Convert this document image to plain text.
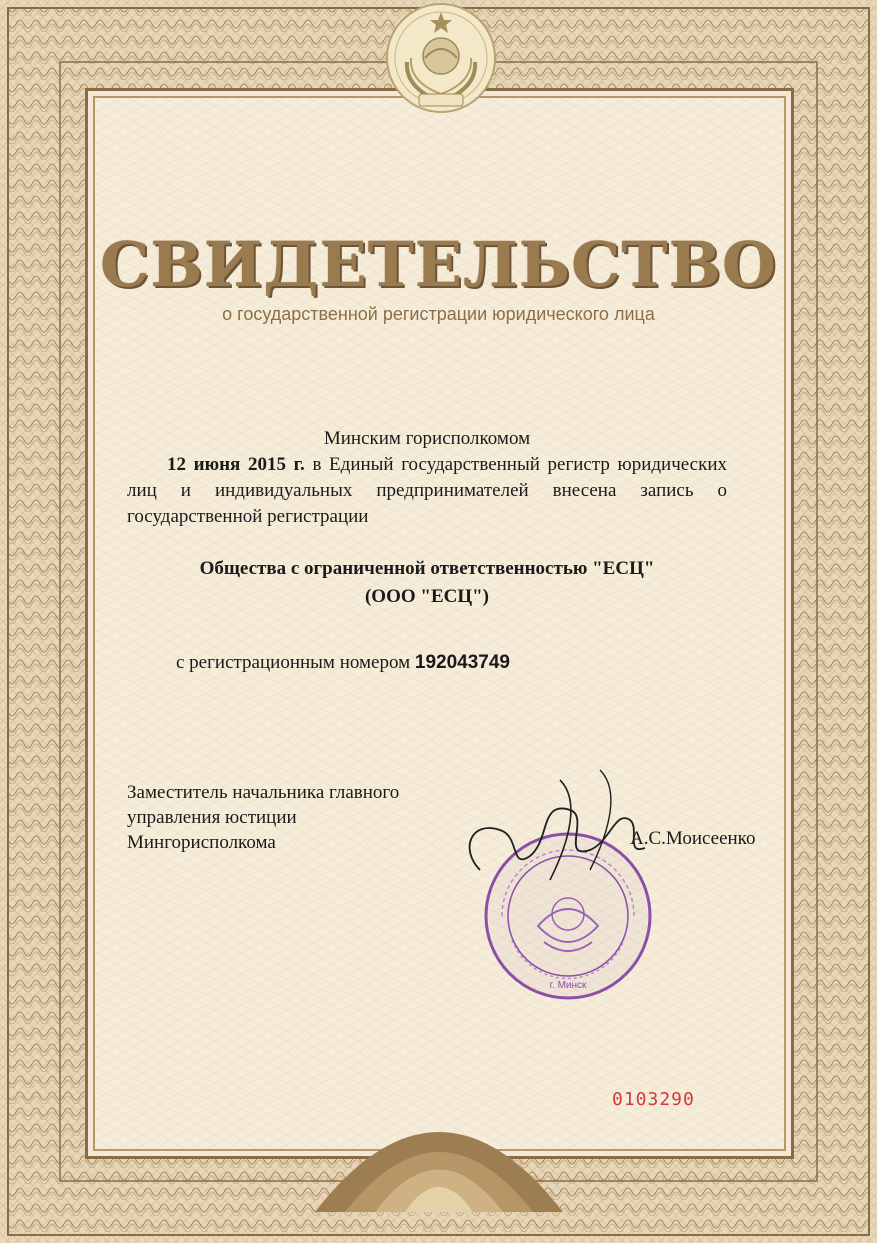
СВИДЕТЕЛЬСТВО
о государственной регистрации юридического лица
Минским горисполкомом
12 июня 2015 г. в Единый государственный регистр юридических лиц и индивидуальных предпринимателей внесена запись о государственной регистрации
Общества с ограниченной ответственностью "ЕСЦ"
(ООО "ЕСЦ")
с регистрационным номером 192043749
Заместитель начальника главного
управления юстиции
Мингорисполкома
г. Минск
А.С.Моисеенко
0103290
